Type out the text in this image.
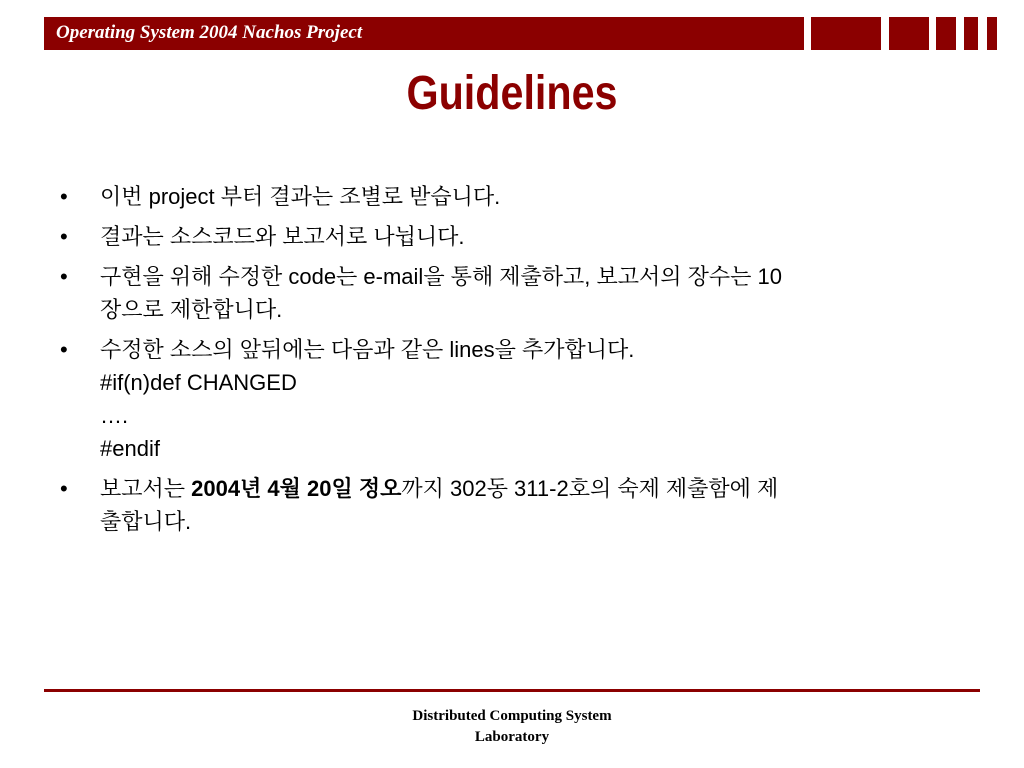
Operating System 2004 Nachos Project
Guidelines
• 이번 project 부터 결과는 조별로 받습니다.
• 결과는 소스코드와 보고서로 나뉩니다.
• 구현을 위해 수정한 code는 e-mail을 통해 제출하고, 보고서의 장수는 10
장으로 제한합니다.
• 수정한 소스의 앞뒤에는 다음과 같은 lines을 추가합니다.
#if(n)def CHANGED
….
#endif
• 보고서는 2004년 4월 20일 정오까지 302동 311-2호의 숙제 제출함에 제
출합니다.
Distributed Computing System
Laboratory
